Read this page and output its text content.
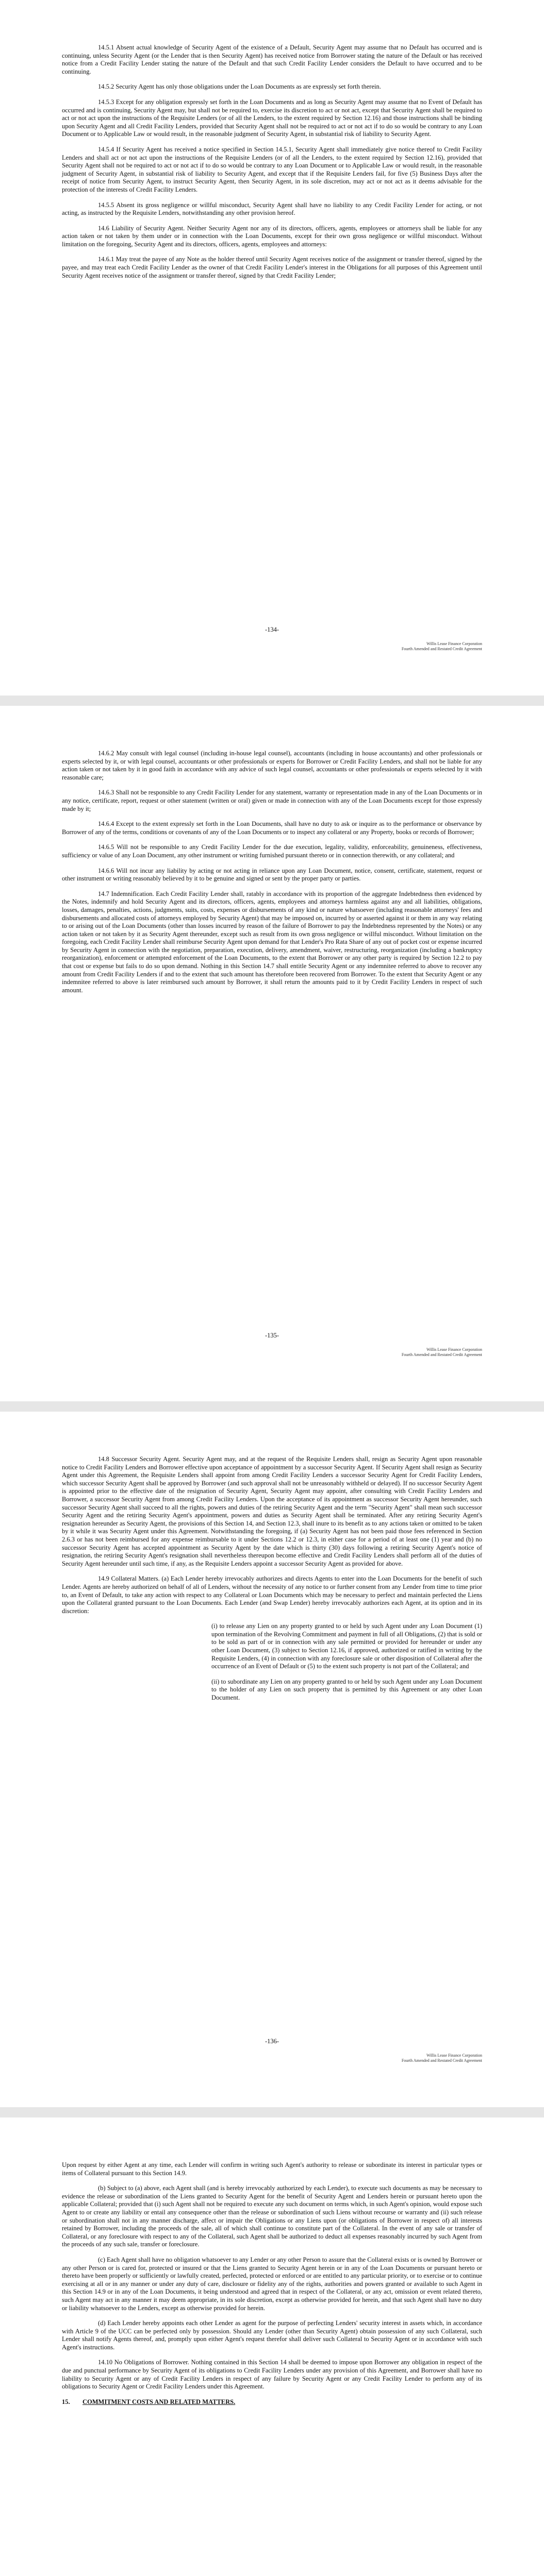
14.5.1 Absent actual knowledge of Security Agent of the existence of a Default, Security Agent may assume that no Default has occurred and is continuing, unless Security Agent (or the Lender that is then Security Agent) has received notice from Borrower stating the nature of the Default or has received notice from a Credit Facility Lender stating the nature of the Default and that such Credit Facility Lender considers the Default to have occurred and to be continuing.

14.5.2 Security Agent has only those obligations under the Loan Documents as are expressly set forth therein.

14.5.3 Except for any obligation expressly set forth in the Loan Documents and as long as Security Agent may assume that no Event of Default has occurred and is continuing, Security Agent may, but shall not be required to, exercise its discretion to act or not act, except that Security Agent shall be required to act or not act upon the instructions of the Requisite Lenders (or of all the Lenders, to the extent required by Section 12.16) and those instructions shall be binding upon Security Agent and all Credit Facility Lenders, provided that Security Agent shall not be required to act or not act if to do so would be contrary to any Loan Document or to Applicable Law or would result, in the reasonable judgment of Security Agent, in substantial risk of liability to Security Agent.

14.5.4 If Security Agent has received a notice specified in Section 14.5.1, Security Agent shall immediately give notice thereof to Credit Facility Lenders and shall act or not act upon the instructions of the Requisite Lenders (or of all the Lenders, to the extent required by Section 12.16), provided that Security Agent shall not be required to act or not act if to do so would be contrary to any Loan Document or to Applicable Law or would result, in the reasonable judgment of Security Agent, in substantial risk of liability to Security Agent, and except that if the Requisite Lenders fail, for five (5) Business Days after the receipt of notice from Security Agent, to instruct Security Agent, then Security Agent, in its sole discretion, may act or not act as it deems advisable for the protection of the interests of Credit Facility Lenders.

14.5.5 Absent its gross negligence or willful misconduct, Security Agent shall have no liability to any Credit Facility Lender for acting, or not acting, as instructed by the Requisite Lenders, notwithstanding any other provision hereof.

14.6 Liability of Security Agent. Neither Security Agent nor any of its directors, officers, agents, employees or attorneys shall be liable for any action taken or not taken by them under or in connection with the Loan Documents, except for their own gross negligence or willful misconduct. Without limitation on the foregoing, Security Agent and its directors, officers, agents, employees and attorneys:

14.6.1 May treat the payee of any Note as the holder thereof until Security Agent receives notice of the assignment or transfer thereof, signed by the payee, and may treat each Credit Facility Lender as the owner of that Credit Facility Lender's interest in the Obligations for all purposes of this Agreement until Security Agent receives notice of the assignment or transfer thereof, signed by that Credit Facility Lender;

-134-
Willis Lease Finance Corporation
Fourth Amended and Restated Credit Agreement

14.6.2 May consult with legal counsel (including in-house legal counsel), accountants (including in house accountants) and other professionals or experts selected by it, or with legal counsel, accountants or other professionals or experts for Borrower or Credit Facility Lenders, and shall not be liable for any action taken or not taken by it in good faith in accordance with any advice of such legal counsel, accountants or other professionals or experts selected by it with reasonable care;

14.6.3 Shall not be responsible to any Credit Facility Lender for any statement, warranty or representation made in any of the Loan Documents or in any notice, certificate, report, request or other statement (written or oral) given or made in connection with any of the Loan Documents except for those expressly made by it;

14.6.4 Except to the extent expressly set forth in the Loan Documents, shall have no duty to ask or inquire as to the performance or observance by Borrower of any of the terms, conditions or covenants of any of the Loan Documents or to inspect any collateral or any Property, books or records of Borrower;

14.6.5 Will not be responsible to any Credit Facility Lender for the due execution, legality, validity, enforceability, genuineness, effectiveness, sufficiency or value of any Loan Document, any other instrument or writing furnished pursuant thereto or in connection therewith, or any collateral; and

14.6.6 Will not incur any liability by acting or not acting in reliance upon any Loan Document, notice, consent, certificate, statement, request or other instrument or writing reasonably believed by it to be genuine and signed or sent by the proper party or parties.

14.7 Indemnification. Each Credit Facility Lender shall, ratably in accordance with its proportion of the aggregate Indebtedness then evidenced by the Notes, indemnify and hold Security Agent and its directors, officers, agents, employees and attorneys harmless against any and all liabilities, obligations, losses, damages, penalties, actions, judgments, suits, costs, expenses or disbursements of any kind or nature whatsoever (including reasonable attorneys' fees and disbursements and allocated costs of attorneys employed by Security Agent) that may be imposed on, incurred by or asserted against it or them in any way relating to or arising out of the Loan Documents (other than losses incurred by reason of the failure of Borrower to pay the Indebtedness represented by the Notes) or any action taken or not taken by it as Security Agent thereunder, except such as result from its own gross negligence or willful misconduct. Without limitation on the foregoing, each Credit Facility Lender shall reimburse Security Agent upon demand for that Lender's Pro Rata Share of any out of pocket cost or expense incurred by Security Agent in connection with the negotiation, preparation, execution, delivery, amendment, waiver, restructuring, reorganization (including a bankruptcy reorganization), enforcement or attempted enforcement of the Loan Documents, to the extent that Borrower or any other party is required by Section 12.2 to pay that cost or expense but fails to do so upon demand. Nothing in this Section 14.7 shall entitle Security Agent or any indemnitee referred to above to recover any amount from Credit Facility Lenders if and to the extent that such amount has theretofore been recovered from Borrower. To the extent that Security Agent or any indemnitee referred to above is later reimbursed such amount by Borrower, it shall return the amounts paid to it by Credit Facility Lenders in respect of such amount.

-135-
Willis Lease Finance Corporation
Fourth Amended and Restated Credit Agreement

14.8 Successor Security Agent. Security Agent may, and at the request of the Requisite Lenders shall, resign as Security Agent upon reasonable notice to Credit Facility Lenders and Borrower effective upon acceptance of appointment by a successor Security Agent. If Security Agent shall resign as Security Agent under this Agreement, the Requisite Lenders shall appoint from among Credit Facility Lenders a successor Security Agent for Credit Facility Lenders, which successor Security Agent shall be approved by Borrower (and such approval shall not be unreasonably withheld or delayed). If no successor Security Agent is appointed prior to the effective date of the resignation of Security Agent, Security Agent may appoint, after consulting with Credit Facility Lenders and Borrower, a successor Security Agent from among Credit Facility Lenders. Upon the acceptance of its appointment as successor Security Agent hereunder, such successor Security Agent shall succeed to all the rights, powers and duties of the retiring Security Agent and the term "Security Agent" shall mean such successor Security Agent and the retiring Security Agent's appointment, powers and duties as Security Agent shall be terminated. After any retiring Security Agent's resignation hereunder as Security Agent, the provisions of this Section 14, and Section 12.3, shall inure to its benefit as to any actions taken or omitted to be taken by it while it was Security Agent under this Agreement. Notwithstanding the foregoing, if (a) Security Agent has not been paid those fees referenced in Section 2.6.3 or has not been reimbursed for any expense reimbursable to it under Sections 12.2 or 12.3, in either case for a period of at least one (1) year and (b) no successor Security Agent has accepted appointment as Security Agent by the date which is thirty (30) days following a retiring Security Agent's notice of resignation, the retiring Security Agent's resignation shall nevertheless thereupon become effective and Credit Facility Lenders shall perform all of the duties of Security Agent hereunder until such time, if any, as the Requisite Lenders appoint a successor Security Agent as provided for above.

14.9 Collateral Matters. (a) Each Lender hereby irrevocably authorizes and directs Agents to enter into the Loan Documents for the benefit of such Lender. Agents are hereby authorized on behalf of all of Lenders, without the necessity of any notice to or further consent from any Lender from time to time prior to, an Event of Default, to take any action with respect to any Collateral or Loan Documents which may be necessary to perfect and maintain perfected the Liens upon the Collateral granted pursuant to the Loan Documents. Each Lender (and Swap Lender) hereby irrevocably authorizes each Agent, at its option and in its discretion:

(i) to release any Lien on any property granted to or held by such Agent under any Loan Document (1) upon termination of the Revolving Commitment and payment in full of all Obligations, (2) that is sold or to be sold as part of or in connection with any sale permitted or provided for hereunder or under any other Loan Document, (3) subject to Section 12.16, if approved, authorized or ratified in writing by the Requisite Lenders, (4) in connection with any foreclosure sale or other disposition of Collateral after the occurrence of an Event of Default or (5) to the extent such property is not part of the Collateral; and

(ii) to subordinate any Lien on any property granted to or held by such Agent under any Loan Document to the holder of any Lien on such property that is permitted by this Agreement or any other Loan Document.

-136-
Willis Lease Finance Corporation
Fourth Amended and Restated Credit Agreement

Upon request by either Agent at any time, each Lender will confirm in writing such Agent's authority to release or subordinate its interest in particular types or items of Collateral pursuant to this Section 14.9.

(b) Subject to (a) above, each Agent shall (and is hereby irrevocably authorized by each Lender), to execute such documents as may be necessary to evidence the release or subordination of the Liens granted to Security Agent for the benefit of Security Agent and Lenders herein or pursuant hereto upon the applicable Collateral; provided that (i) such Agent shall not be required to execute any such document on terms which, in such Agent's opinion, would expose such Agent to or create any liability or entail any consequence other than the release or subordination of such Liens without recourse or warranty and (ii) such release or subordination shall not in any manner discharge, affect or impair the Obligations or any Liens upon (or obligations of Borrower in respect of) all interests retained by Borrower, including the proceeds of the sale, all of which shall continue to constitute part of the Collateral. In the event of any sale or transfer of Collateral, or any foreclosure with respect to any of the Collateral, such Agent shall be authorized to deduct all expenses reasonably incurred by such Agent from the proceeds of any such sale, transfer or foreclosure.

(c) Each Agent shall have no obligation whatsoever to any Lender or any other Person to assure that the Collateral exists or is owned by Borrower or any other Person or is cared for, protected or insured or that the Liens granted to Security Agent herein or in any of the Loan Documents or pursuant hereto or thereto have been properly or sufficiently or lawfully created, perfected, protected or enforced or are entitled to any particular priority, or to exercise or to continue exercising at all or in any manner or under any duty of care, disclosure or fidelity any of the rights, authorities and powers granted or available to such Agent in this Section 14.9 or in any of the Loan Documents, it being understood and agreed that in respect of the Collateral, or any act, omission or event related thereto, such Agent may act in any manner it may deem appropriate, in its sole discretion, except as otherwise provided for herein, and that such Agent shall have no duty or liability whatsoever to the Lenders, except as otherwise provided for herein.

(d) Each Lender hereby appoints each other Lender as agent for the purpose of perfecting Lenders' security interest in assets which, in accordance with Article 9 of the UCC can be perfected only by possession. Should any Lender (other than Security Agent) obtain possession of any such Collateral, such Lender shall notify Agents thereof, and, promptly upon either Agent's request therefor shall deliver such Collateral to Security Agent or in accordance with such Agent's instructions.

14.10 No Obligations of Borrower. Nothing contained in this Section 14 shall be deemed to impose upon Borrower any obligation in respect of the due and punctual performance by Security Agent of its obligations to Credit Facility Lenders under any provision of this Agreement, and Borrower shall have no liability to Security Agent or any of Credit Facility Lenders in respect of any failure by Security Agent or any Credit Facility Lender to perform any of its obligations to Security Agent or Credit Facility Lenders under this Agreement.

15. COMMITMENT COSTS AND RELATED MATTERS.
